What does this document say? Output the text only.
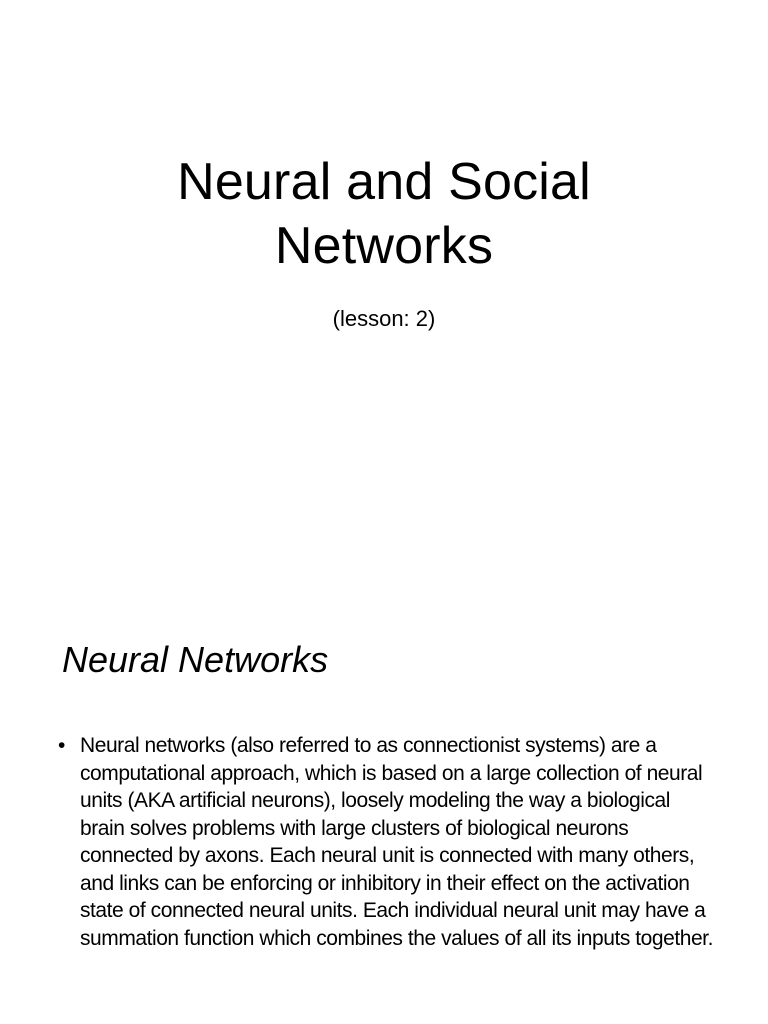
Neural and Social
Networks

(lesson: 2)

Neural Networks
• Neural networks (also referred to as connectionist systems) are a computational approach, which is based on a large collection of neural units (AKA artificial neurons), loosely modeling the way a biological brain solves problems with large clusters of biological neurons connected by axons. Each neural unit is connected with many others, and links can be enforcing or inhibitory in their effect on the activation state of connected neural units. Each individual neural unit may have a summation function which combines the values of all its inputs together.
